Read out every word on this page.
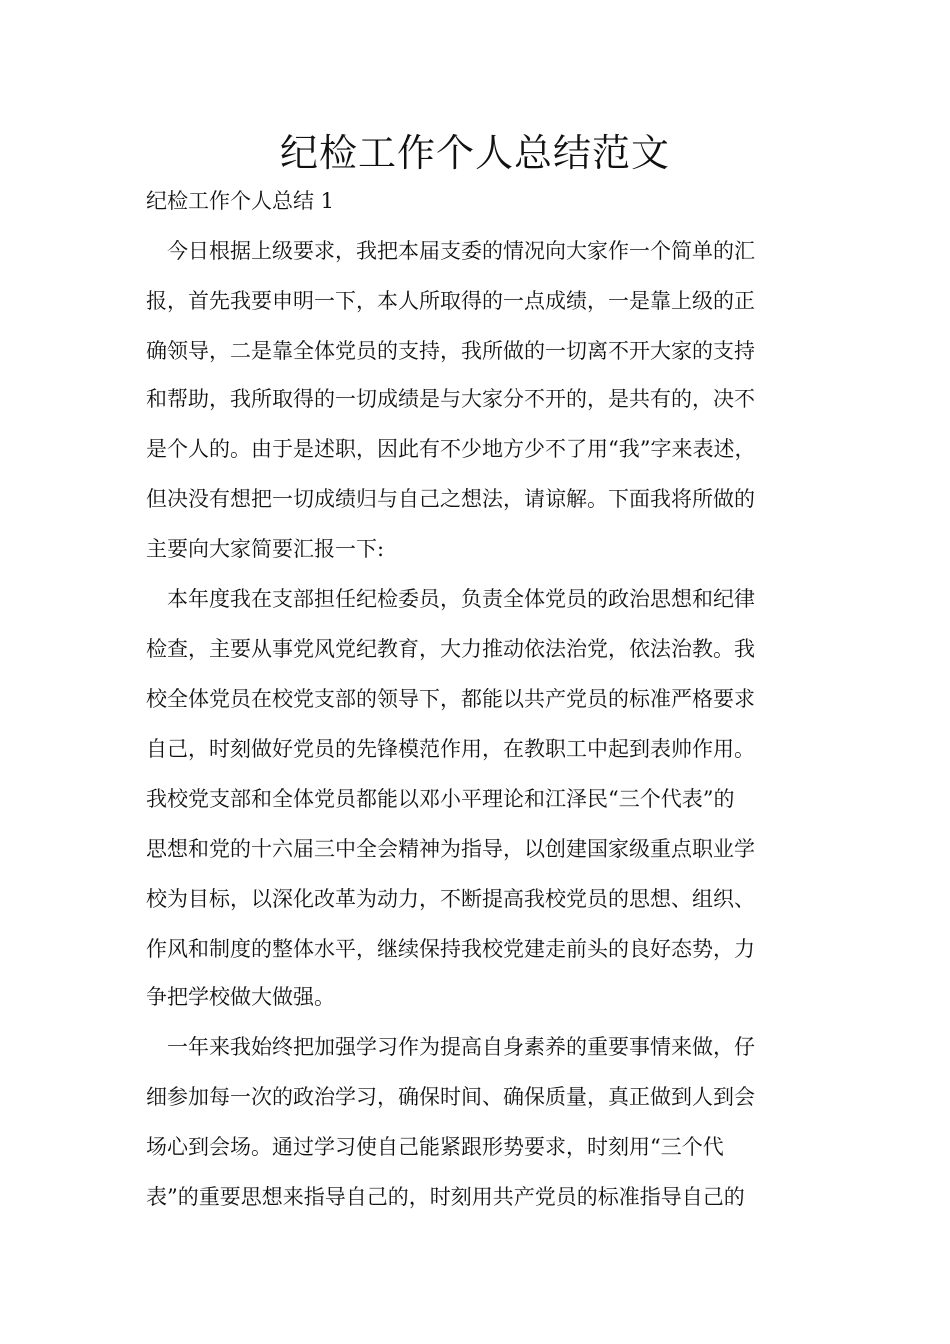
纪检工作个人总结范文

纪检工作个人总结 1

　今日根据上级要求，我把本届支委的情况向大家作一个简单的汇

报，首先我要申明一下，本人所取得的一点成绩，一是靠上级的正

确领导，二是靠全体党员的支持，我所做的一切离不开大家的支持

和帮助，我所取得的一切成绩是与大家分不开的，是共有的，决不

是个人的。由于是述职，因此有不少地方少不了用“我”字来表述，

但决没有想把一切成绩归与自己之想法，请谅解。下面我将所做的

主要向大家简要汇报一下:

　本年度我在支部担任纪检委员，负责全体党员的政治思想和纪律

检查，主要从事党风党纪教育，大力推动依法治党，依法治教。我

校全体党员在校党支部的领导下，都能以共产党员的标准严格要求

自己，时刻做好党员的先锋模范作用，在教职工中起到表帅作用。

我校党支部和全体党员都能以邓小平理论和江泽民“三个代表”的

思想和党的十六届三中全会精神为指导，以创建国家级重点职业学

校为目标，以深化改革为动力，不断提高我校党员的思想、组织、

作风和制度的整体水平，继续保持我校党建走前头的良好态势，力

争把学校做大做强。

　一年来我始终把加强学习作为提高自身素养的重要事情来做，仔

细参加每一次的政治学习，确保时间、确保质量，真正做到人到会

场心到会场。通过学习使自己能紧跟形势要求，时刻用“三个代

表”的重要思想来指导自己的，时刻用共产党员的标准指导自己的
